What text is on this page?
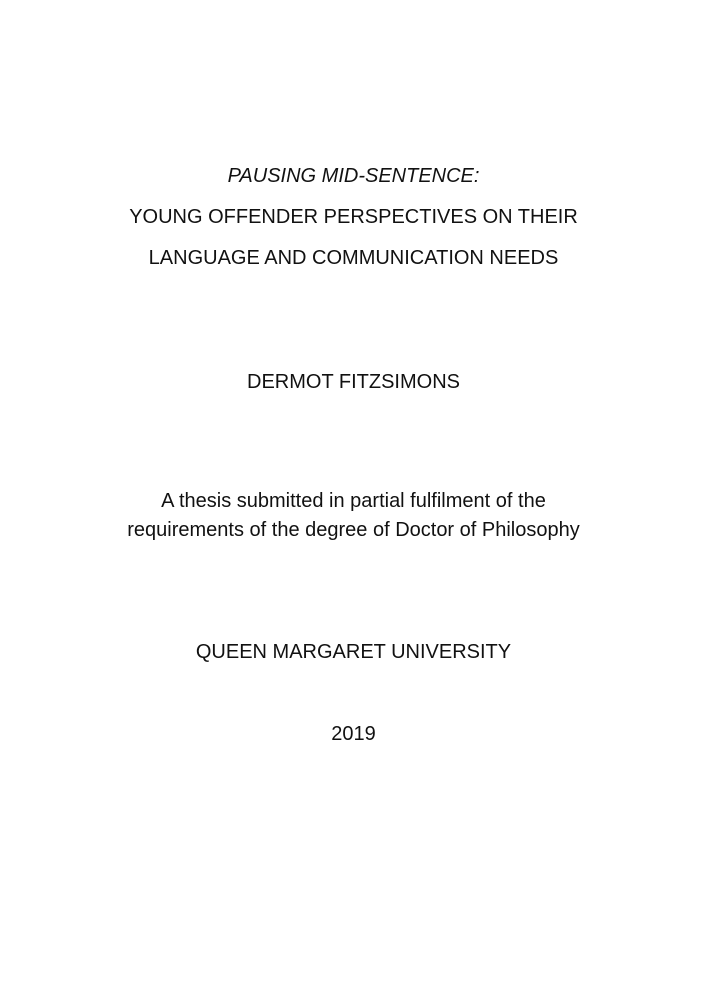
PAUSING MID-SENTENCE:
YOUNG OFFENDER PERSPECTIVES ON THEIR
LANGUAGE AND COMMUNICATION NEEDS
DERMOT FITZSIMONS
A thesis submitted in partial fulfilment of the
requirements of the degree of Doctor of Philosophy
QUEEN MARGARET UNIVERSITY
2019
